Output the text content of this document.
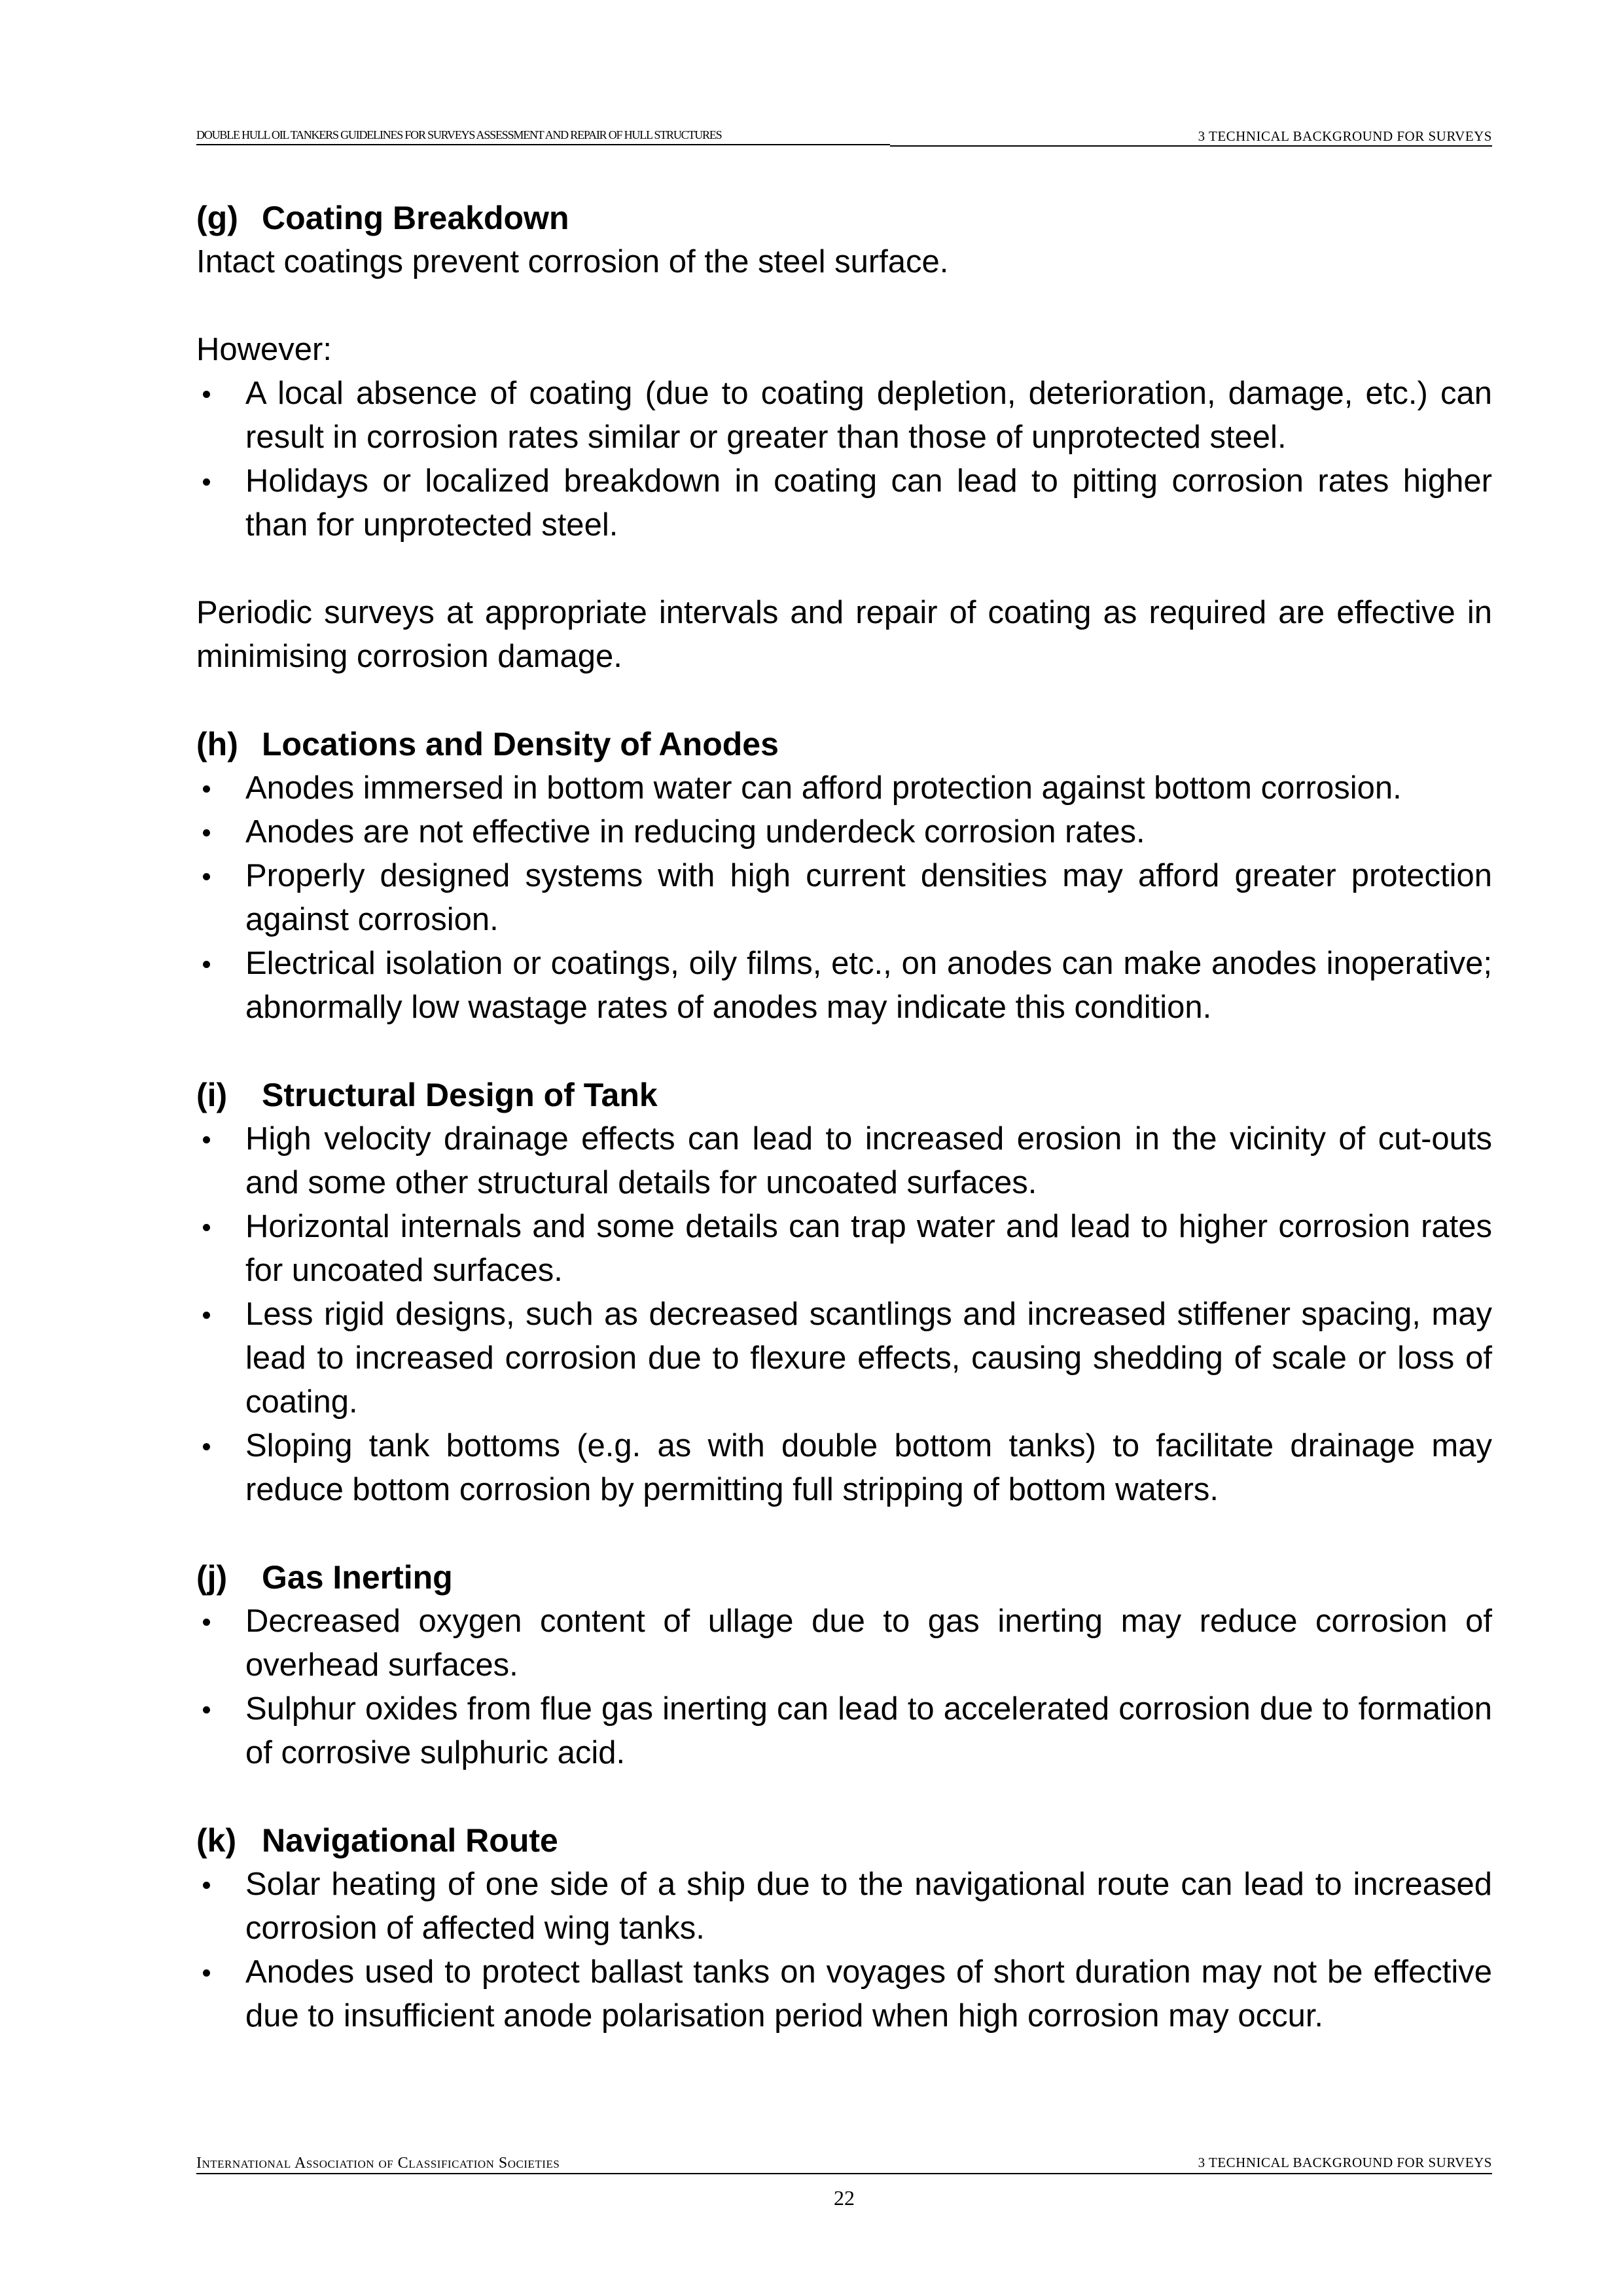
DOUBLE HULL OIL TANKERS GUIDELINES FOR SURVEYS ASSESSMENT AND REPAIR OF HULL STRUCTURES	3 TECHNICAL BACKGROUND FOR SURVEYS
(g) Coating Breakdown

Intact coatings prevent corrosion of the steel surface.

However:

A local absence of coating (due to coating depletion, deterioration, damage, etc.) can result in corrosion rates similar or greater than those of unprotected steel.
Holidays or localized breakdown in coating can lead to pitting corrosion rates higher than for unprotected steel.

Periodic surveys at appropriate intervals and repair of coating as required are effective in minimising corrosion damage.

(h) Locations and Density of Anodes
Anodes immersed in bottom water can afford protection against bottom corrosion.
Anodes are not effective in reducing underdeck corrosion rates.
Properly designed systems with high current densities may afford greater protection against corrosion.
Electrical isolation or coatings, oily films, etc., on anodes can make anodes inoperative; abnormally low wastage rates of anodes may indicate this condition.
(i)	Structural Design of Tank
High velocity drainage effects can lead to increased erosion in the vicinity of cut-outs and some other structural details for uncoated surfaces.
Horizontal internals and some details can trap water and lead to higher corrosion rates for uncoated surfaces.
Less rigid designs, such as decreased scantlings and increased stiffener spacing, may lead to increased corrosion due to flexure effects, causing shedding of scale or loss of coating.
Sloping tank bottoms (e.g. as with double bottom tanks) to facilitate drainage may reduce bottom corrosion by permitting full stripping of bottom waters.
(j)	Gas Inerting
Decreased oxygen content of ullage due to gas inerting may reduce corrosion of overhead surfaces.
Sulphur oxides from flue gas inerting can lead to accelerated corrosion due to formation of corrosive sulphuric acid.
(k) Navigational Route
Solar heating of one side of a ship due to the navigational route can lead to increased corrosion of affected wing tanks.
Anodes used to protect ballast tanks on voyages of short duration may not be effective due to insufficient anode polarisation period when high corrosion may occur.
International Association of Classification Societies	3 TECHNICAL BACKGROUND FOR SURVEYS
22
